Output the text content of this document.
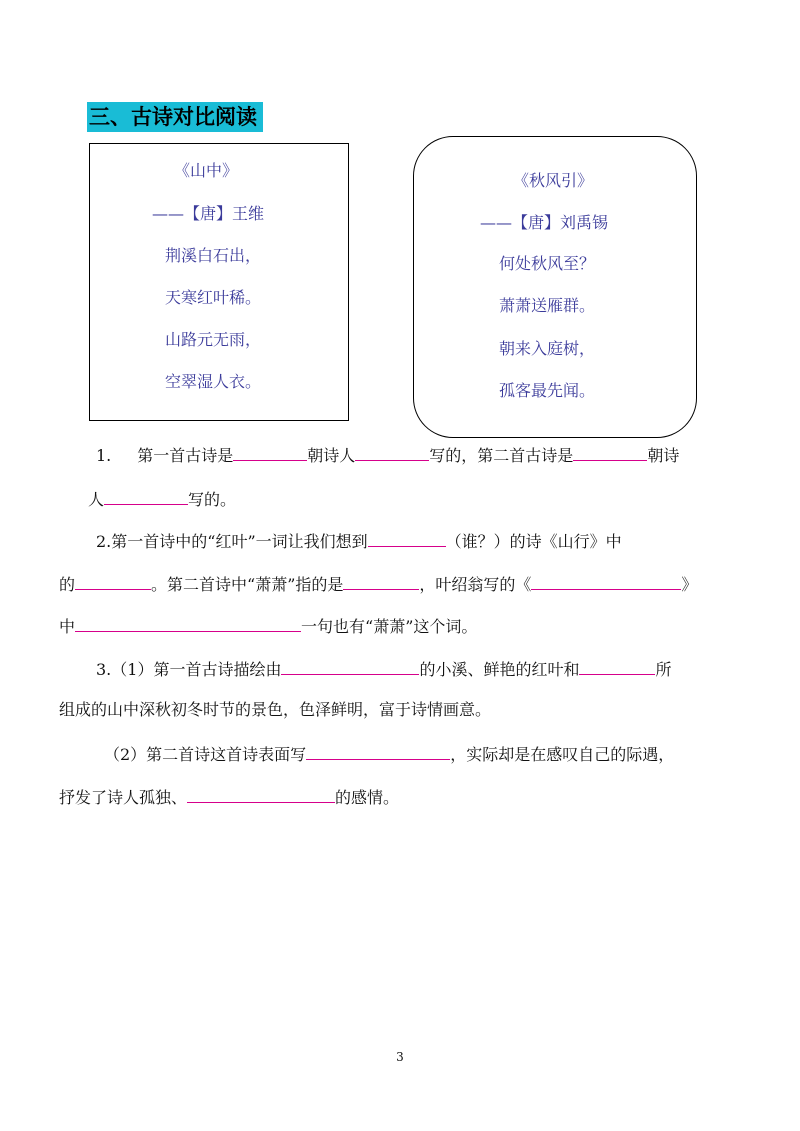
三、古诗对比阅读
《山中》
——【唐】王维
荆溪白石出，
天寒红叶稀。
山路元无雨，
空翠湿人衣。
《秋风引》
——【唐】刘禹锡
何处秋风至？
萧萧送雁群。
朝来入庭树，
孤客最先闻。
1. 第一首古诗是	朝诗人	写的，第二首古诗是	朝诗
人	写的。
2.第一首诗中的“红叶”一词让我们想到	（谁？）的诗《山行》中
的	。第二首诗中“萧萧”指的是	，叶绍翁写的《	》
中	一句也有“萧萧”这个词。
3.（1）第一首古诗描绘由	的小溪、鲜艳的红叶和	所
组成的山中深秋初冬时节的景色，色泽鲜明，富于诗情画意。
（2）第二首诗这首诗表面写	，实际却是在感叹自己的际遇，
抒发了诗人孤独、	的感情。
3
